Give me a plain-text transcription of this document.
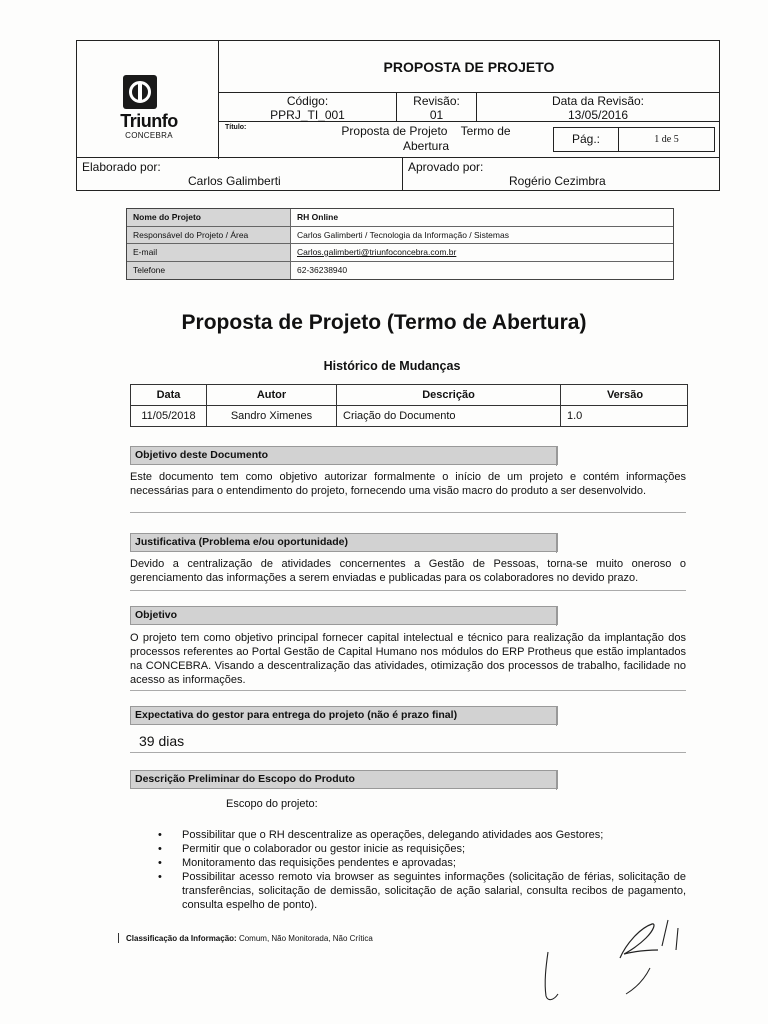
Triunfo
CONCEBRA
PROPOSTA DE PROJETO
Código:
PPRJ_TI_001
Revisão:
01
Data da Revisão:
13/05/2016
Título:	Proposta de Projeto    Termo de
Abertura	Pág.:	1 de 5
Elaborado por:
Carlos Galimberti
Aprovado por:
Rogério Cezimbra
Nome do Projeto	RH Online
Responsável do Projeto / Área	Carlos Galimberti / Tecnologia da Informação / Sistemas
E-mail	Carlos.galimberti@triunfoconcebra.com.br
Telefone	62-36238940
Proposta de Projeto (Termo de Abertura)
Histórico de Mudanças
Data	Autor	Descrição	Versão
11/05/2018	Sandro Ximenes	Criação do Documento	1.0
Objetivo deste Documento
Este documento tem como objetivo autorizar formalmente o início de um projeto e contém informações necessárias para o entendimento do projeto, fornecendo uma visão macro do produto a ser desenvolvido.
Justificativa (Problema e/ou oportunidade)
Devido a centralização de atividades concernentes a Gestão de Pessoas, torna-se muito oneroso o gerenciamento das informações a serem enviadas e publicadas para os colaboradores no devido prazo.
Objetivo
O projeto tem como objetivo principal fornecer capital intelectual e técnico para realização da implantação dos processos referentes ao Portal Gestão de Capital Humano nos módulos do ERP Protheus que estão implantados na CONCEBRA. Visando a descentralização das atividades, otimização dos processos de trabalho, facilidade no acesso as informações.
Expectativa do gestor para entrega do projeto (não é prazo final)
39 dias
Descrição Preliminar do Escopo do Produto
Escopo do projeto:
• Possibilitar que o RH descentralize as operações, delegando atividades aos Gestores;
• Permitir que o colaborador ou gestor inicie as requisições;
• Monitoramento das requisições pendentes e aprovadas;
• Possibilitar acesso remoto via browser as seguintes informações (solicitação de férias, solicitação de transferências, solicitação de demissão, solicitação de ação salarial, consulta recibos de pagamento, consulta espelho de ponto).
Classificação da Informação: Comum, Não Monitorada, Não Crítica
